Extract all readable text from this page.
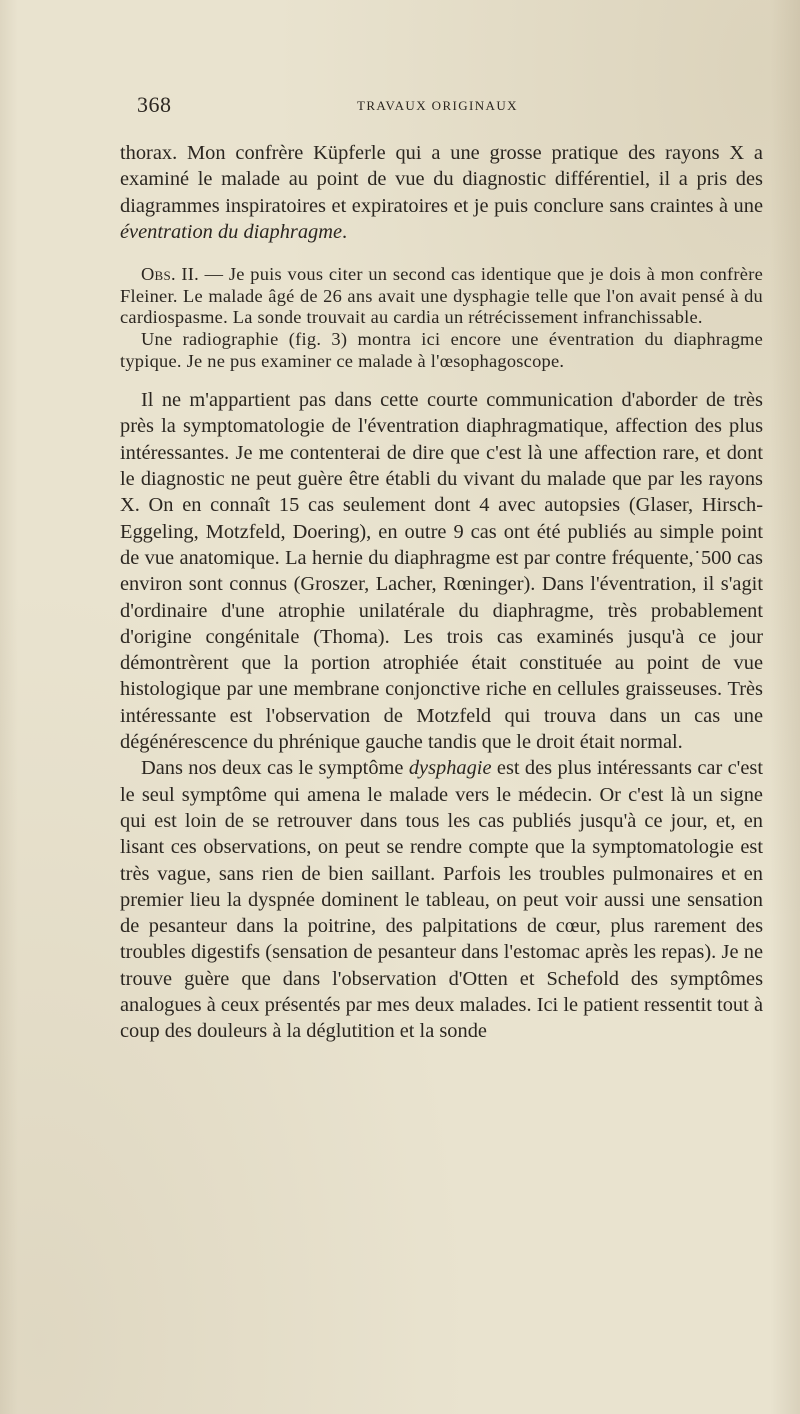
368	TRAVAUX ORIGINAUX

thorax. Mon confrère Küpferle qui a une grosse pratique des rayons X a examiné le malade au point de vue du diagnostic différentiel, il a pris des diagrammes inspiratoires et expiratoires et je puis conclure sans craintes à une éventration du diaphragme.

Obs. II. — Je puis vous citer un second cas identique que je dois à mon confrère Fleiner. Le malade âgé de 26 ans avait une dysphagie telle que l'on avait pensé à du cardiospasme. La sonde trouvait au cardia un rétrécissement infranchissable.

Une radiographie (fig. 3) montra ici encore une éventration du diaphragme typique. Je ne pus examiner ce malade à l'œsophagoscope.

Il ne m'appartient pas dans cette courte communication d'aborder de très près la symptomatologie de l'éventration diaphragmatique, affection des plus intéressantes. Je me contenterai de dire que c'est là une affection rare, et dont le diagnostic ne peut guère être établi du vivant du malade que par les rayons X. On en connaît 15 cas seulement dont 4 avec autopsies (Glaser, Hirsch-Eggeling, Motzfeld, Doering), en outre 9 cas ont été publiés au simple point de vue anatomique. La hernie du diaphragme est par contre fréquente,˙500 cas environ sont connus (Groszer, Lacher, Rœninger). Dans l'éventration, il s'agit d'ordinaire d'une atrophie unilatérale du diaphragme, très probablement d'origine congénitale (Thoma). Les trois cas examinés jusqu'à ce jour démontrèrent que la portion atrophiée était constituée au point de vue histologique par une membrane conjonctive riche en cellules graisseuses. Très intéressante est l'observation de Motzfeld qui trouva dans un cas une dégénérescence du phrénique gauche tandis que le droit était normal.

Dans nos deux cas le symptôme dysphagie est des plus intéressants car c'est le seul symptôme qui amena le malade vers le médecin. Or c'est là un signe qui est loin de se retrouver dans tous les cas publiés jusqu'à ce jour, et, en lisant ces observations, on peut se rendre compte que la symptomatologie est très vague, sans rien de bien saillant. Parfois les troubles pulmonaires et en premier lieu la dyspnée dominent le tableau, on peut voir aussi une sensation de pesanteur dans la poitrine, des palpitations de cœur, plus rarement des troubles digestifs (sensation de pesanteur dans l'estomac après les repas). Je ne trouve guère que dans l'observation d'Otten et Schefold des symptômes analogues à ceux présentés par mes deux malades. Ici le patient ressentit tout à coup des douleurs à la déglutition et la sonde
